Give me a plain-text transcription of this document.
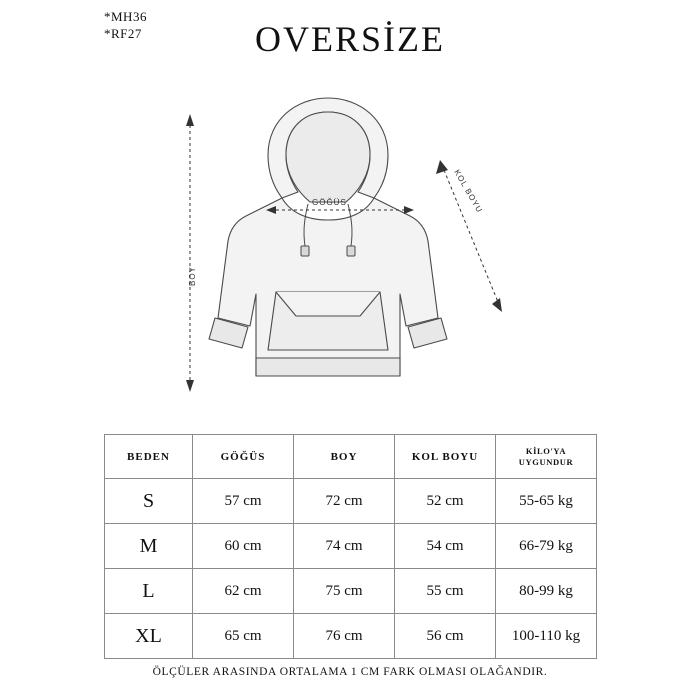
*MH36
*RF27	OVERSİZE
GÖĞÜS
BOY
KOL BOYU
BEDEN	GÖĞÜS	BOY	KOL BOYU	KİLO'YA
UYGUNDUR

S	57 cm	72 cm	52 cm	55-65 kg
M	60 cm	74 cm	54 cm	66-79 kg
L	62 cm	75 cm	55 cm	80-99 kg
XL	65 cm	76 cm	56 cm	100-110 kg
ÖLÇÜLER ARASINDA ORTALAMA 1 CM FARK OLMASI OLAĞANDIR.
